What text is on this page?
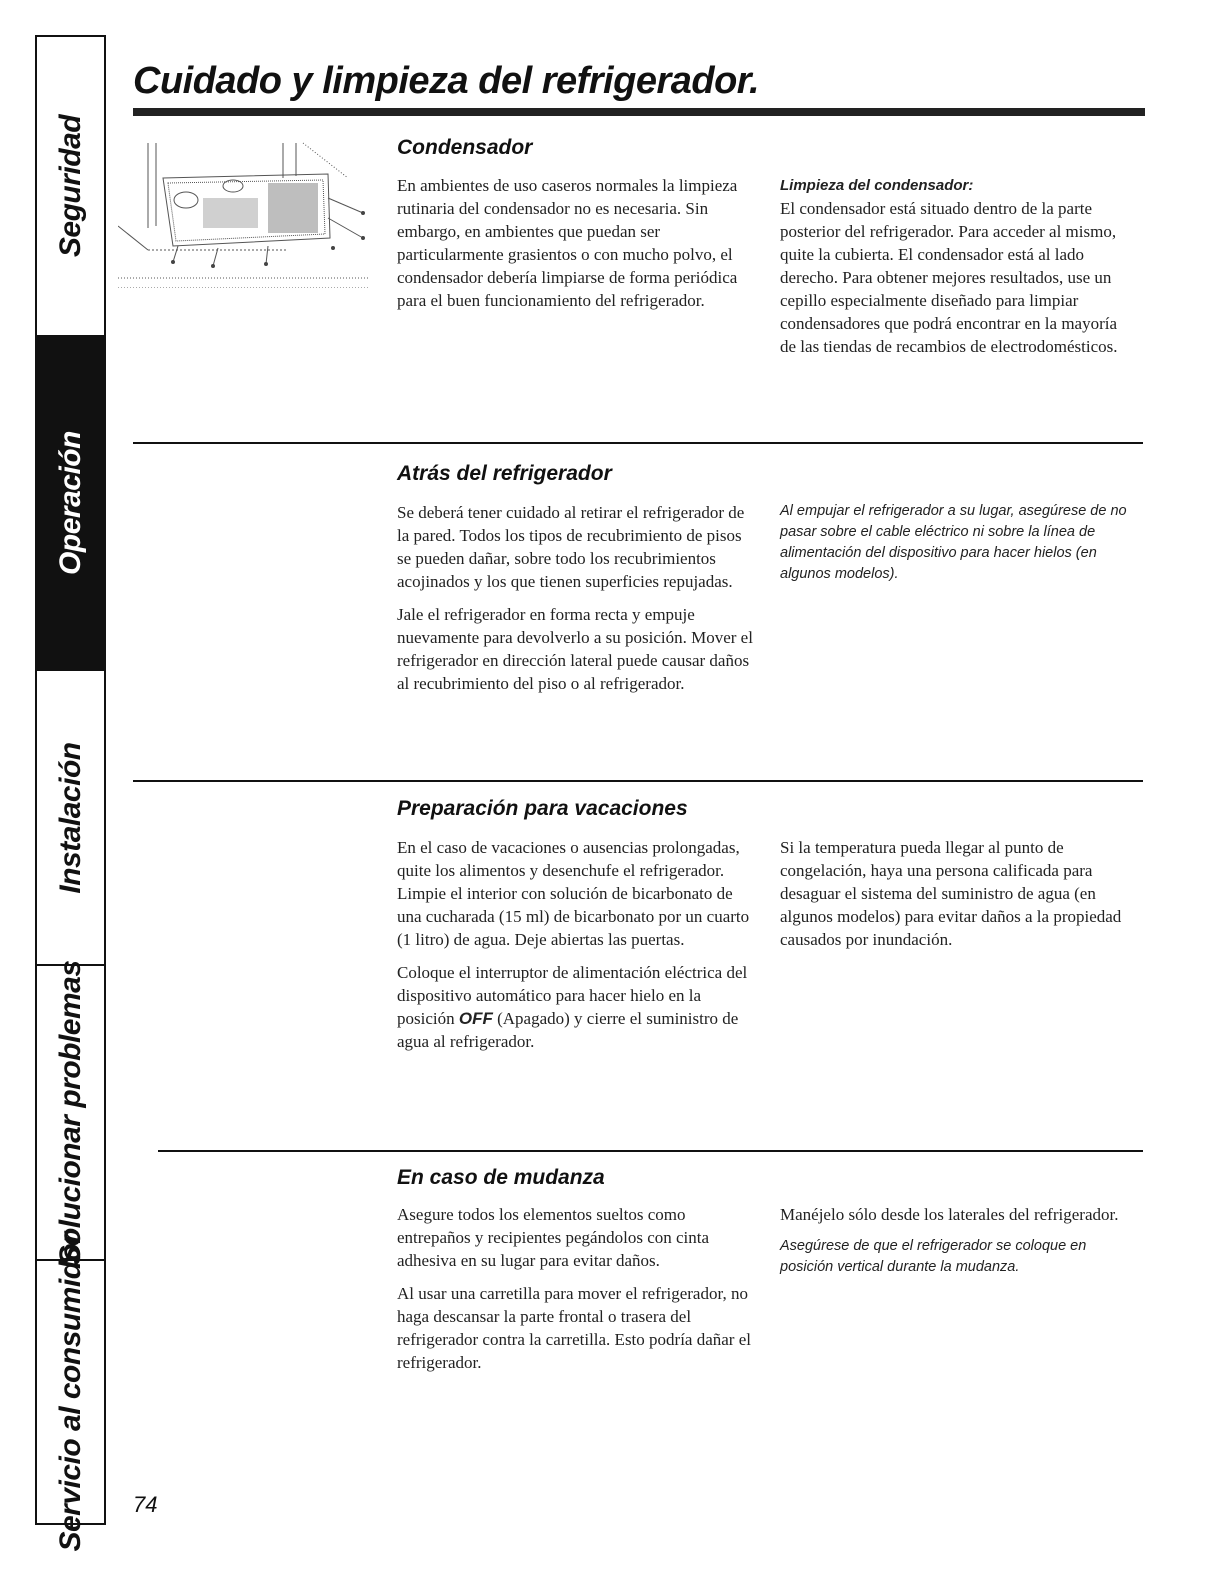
Seguridad
Operación
Instalación
Solucionar problemas
Servicio al consumidor
Cuidado y limpieza del refrigerador.
Condensador

En ambientes de uso caseros normales la limpieza rutinaria del condensador no es necesaria. Sin embargo, en ambientes que puedan ser particularmente grasientos o con mucho polvo, el condensador debería limpiarse de forma periódica para el buen funcionamiento del refrigerador.

Limpieza del condensador:

El condensador está situado dentro de la parte posterior del refrigerador. Para acceder al mismo, quite la cubierta. El condensador está al lado derecho. Para obtener mejores resultados, use un cepillo especialmente diseñado para limpiar condensadores que podrá encontrar en la mayoría de las tiendas de recambios de electrodomésticos.

Atrás del refrigerador

Se deberá tener cuidado al retirar el refrigerador de la pared. Todos los tipos de recubrimiento de pisos se pueden dañar, sobre todo los recubrimientos acojinados y los que tienen superficies repujadas.

Jale el refrigerador en forma recta y empuje nuevamente para devolverlo a su posición. Mover el refrigerador en dirección lateral puede causar daños al recubrimiento del piso o al refrigerador.

Al empujar el refrigerador a su lugar, asegúrese de no pasar sobre el cable eléctrico ni sobre la línea de alimentación del dispositivo para hacer hielos (en algunos modelos).
Preparación para vacaciones

En el caso de vacaciones o ausencias prolongadas, quite los alimentos y desenchufe el refrigerador. Limpie el interior con solución de bicarbonato de una cucharada (15 ml) de bicarbonato por un cuarto (1 litro) de agua. Deje abiertas las puertas.

Coloque el interruptor de alimentación eléctrica del dispositivo automático para hacer hielo en la posición OFF (Apagado) y cierre el suministro de agua al refrigerador.

Si la temperatura pueda llegar al punto de congelación, haya una persona calificada para desaguar el sistema del suministro de agua (en algunos modelos) para evitar daños a la propiedad causados por inundación.

En caso de mudanza

Asegure todos los elementos sueltos como entrepaños y recipientes pegándolos con cinta adhesiva en su lugar para evitar daños.

Al usar una carretilla para mover el refrigerador, no haga descansar la parte frontal o trasera del refrigerador contra la carretilla. Esto podría dañar el refrigerador.

Manéjelo sólo desde los laterales del refrigerador.

Asegúrese de que el refrigerador se coloque en posición vertical durante la mudanza.
74
